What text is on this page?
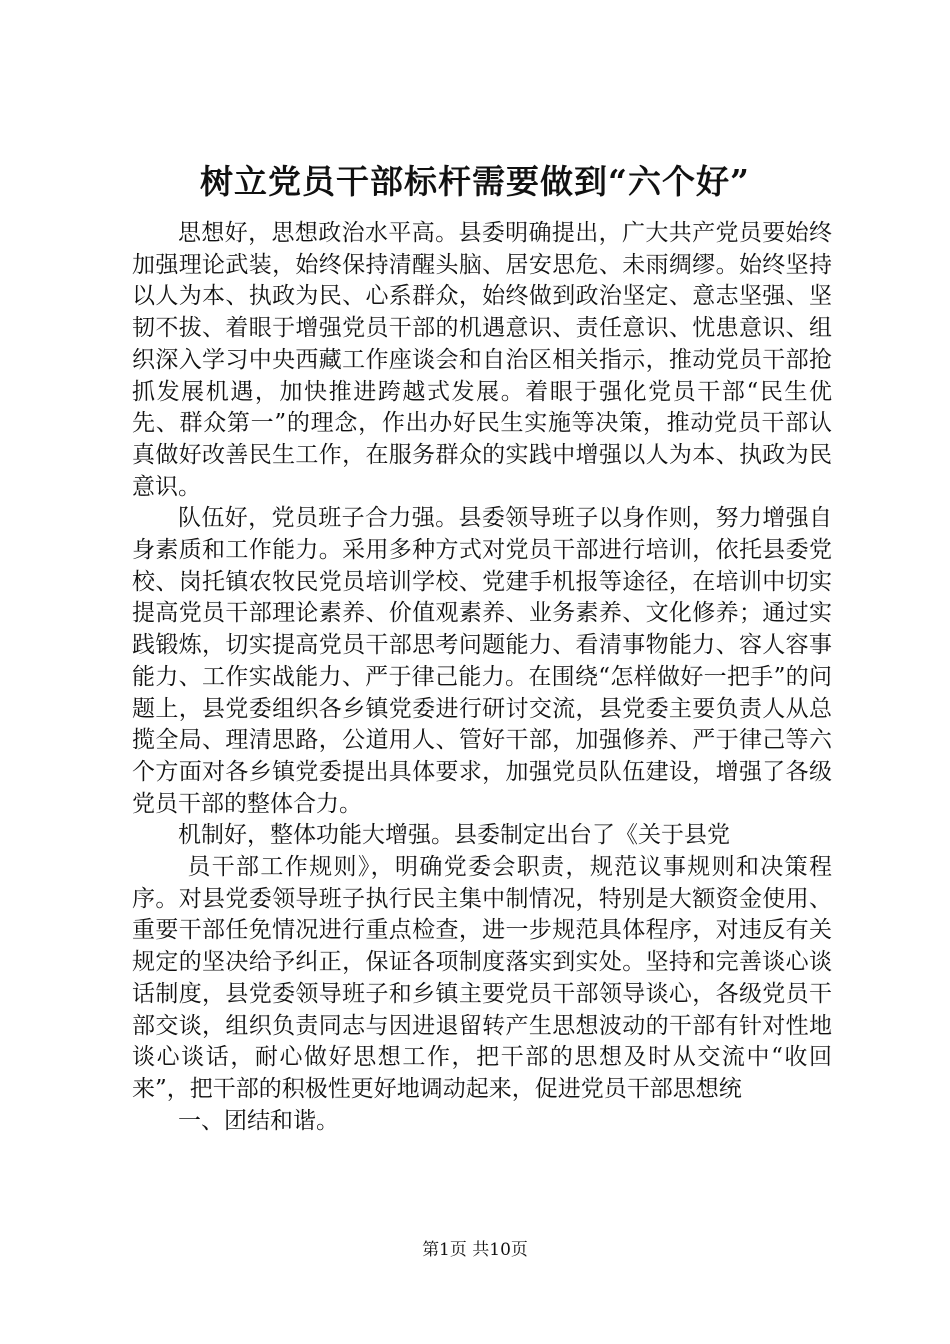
树立党员干部标杆需要做到“六个好”

思想好，思想政治水平高。县委明确提出，广大共产党员要始终加强理论武装，始终保持清醒头脑、居安思危、未雨绸缪。始终坚持以人为本、执政为民、心系群众，始终做到政治坚定、意志坚强、坚韧不拔、着眼于增强党员干部的机遇意识、责任意识、忧患意识、组织深入学习中央西藏工作座谈会和自治区相关指示，推动党员干部抢抓发展机遇，加快推进跨越式发展。着眼于强化党员干部“民生优先、群众第一”的理念，作出办好民生实施等决策，推动党员干部认真做好改善民生工作，在服务群众的实践中增强以人为本、执政为民意识。

队伍好，党员班子合力强。县委领导班子以身作则，努力增强自身素质和工作能力。采用多种方式对党员干部进行培训，依托县委党校、岗托镇农牧民党员培训学校、党建手机报等途径，在培训中切实提高党员干部理论素养、价值观素养、业务素养、文化修养；通过实践锻炼，切实提高党员干部思考问题能力、看清事物能力、容人容事能力、工作实战能力、严于律己能力。在围绕“怎样做好一把手”的问题上，县党委组织各乡镇党委进行研讨交流，县党委主要负责人从总揽全局、理清思路，公道用人、管好干部，加强修养、严于律己等六个方面对各乡镇党委提出具体要求，加强党员队伍建设，增强了各级党员干部的整体合力。

机制好，整体功能大增强。县委制定出台了《关于县党

员干部工作规则》，明确党委会职责，规范议事规则和决策程序。对县党委领导班子执行民主集中制情况，特别是大额资金使用、重要干部任免情况进行重点检查，进一步规范具体程序，对违反有关规定的坚决给予纠正，保证各项制度落实到实处。坚持和完善谈心谈话制度，县党委领导班子和乡镇主要党员干部领导谈心，各级党员干部交谈，组织负责同志与因进退留转产生思想波动的干部有针对性地谈心谈话，耐心做好思想工作，把干部的思想及时从交流中“收回来”，把干部的积极性更好地调动起来，促进党员干部思想统

一、团结和谐。

第1页 共10页
